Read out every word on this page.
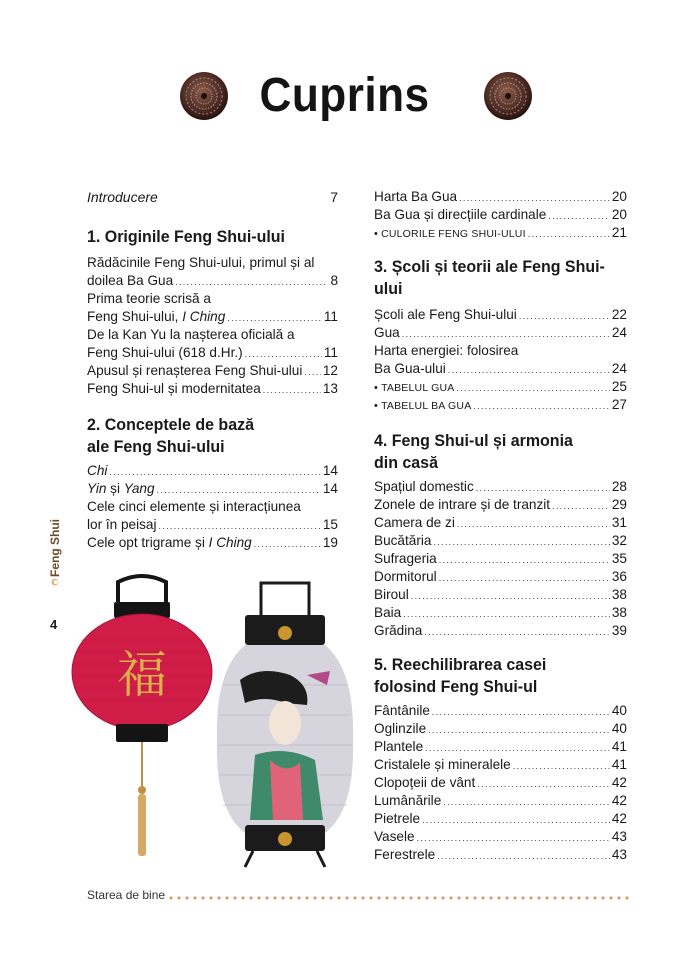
Cuprins
Introducere	7
1. Originile Feng Shui-ului
Rădăcinile Feng Shui-ului, primul și al
doilea Ba Gua . . .	8
Prima teorie scrisă a
Feng Shui-ului, I Ching . . .	11
De la Kan Yu la nașterea oficială a
Feng Shui-ului (618 d.Hr.) . . .	11
Apusul și renașterea Feng Shui-ului . . . 12
Feng Shui-ul și modernitatea . . .	13
2. Conceptele de bază
ale Feng Shui-ului
Chi . . .	14
Yin și Yang . . .	14
Cele cinci elemente și interacțiunea
lor în peisaj . . .	15
Cele opt trigrame și I Ching . . .	19
Harta Ba Gua . . .	20
Ba Gua și direcțiile cardinale . . .	20
• CULORILE FENG SHUI-ULUI . . .	21
3. Școli și teorii ale Feng Shui-ului
Școli ale Feng Shui-ului . . .	22
Gua . . .	24
Harta energiei: folosirea
Ba Gua-ului . . .	24
• TABELUL GUA . . .	25
• TABELUL BA GUA . . .	27
4. Feng Shui-ul și armonia
din casă
Spațiul domestic . . .	28
Zonele de intrare și de tranzit . . .	29
Camera de zi . . .	31
Bucătăria . . .	32
Sufrageria . . .	35
Dormitorul . . .	36
Biroul . . .	38
Baia . . .	38
Grădina . . .	39
5. Reechilibrarea casei
folosind Feng Shui-ul
Fântânile . . .	40
Oglinzile . . .	40
Plantele . . .	41
Cristalele și mineralele . . .	41
Clopoțeii de vânt . . .	42
Lumânările . . .	42
Pietrele . . .	42
Vasele . . .	43
Ferestrele . . .	43
Feng Shui
4
福
Starea de bine
